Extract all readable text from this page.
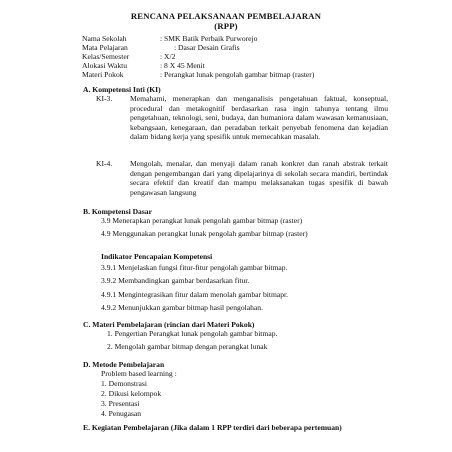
RENCANA PELAKSANAAN PEMBELAJARAN
(RPP)
Nama Sekolah	: SMK Batik Perbaik Purworejo
Mata Pelajaran	: Dasar Desain Grafis
Kelas/Semester	: X/2
Alokasi Waktu	: 8 X 45 Menit
Materi Pokok	: Perangkat lunak pengolah gambar bitmap (raster)
A. Kompetensi Inti (KI)
KI-3. Memahami, menerapkan dan menganalisis pengetahuan faktual, konseptual, procedural dan metakognitif berdasarkan rasa ingin tahunya tentang ilmu pengetahuan, teknologi, seni, budaya, dan humaniora dalam wawasan kemanusiaan, kebangsaan, kenegaraan, dan peradaban terkait penyebab fenomena dan kejadian dalam bidang kerja yang spesifik untuk memecahkan masalah.
KI-4. Mengolah, menalar, dan menyaji dalam ranah konkret dan ranah abstrak terkait dengan pengembangan dari yang dipelajarinya di sekolah secara mandiri, bertindak secara efektif dan kreatif dan mampu melaksanakan tugas spesifik di bawah pengawasan langsung
B. Kompetensi Dasar
3.9 Menerapkan perangkat lunak pengolah gambar bitmap (raster)
4.9 Menggunakan perangkat lunak pengolah gambar bitmap (raster)
Indikator Pencapaian Kompetensi
3.9.1 Menjelaskan fungsi fitur-fitur pengolah gambar bitmap.
3.9.2 Membandingkan gambar berdasarkan fitur.
4.9.1 Mengintegrasikan fitur dalam menolah gambar bitmapr.
4.9.2 Menunjukkan gambar bitmap hasil pengolahan.
C. Materi Pembelajaran (rincian dari Materi Pokok)
1. Pengertian Perangkat lunak pengolah gambar bitmap.
2. Mengolah gambar bitmap dengan perangkat lunak
D. Metode Pembelajaran
Problem based learning :
1. Demonstrasi
2. Dikusi kelompok
3. Presentasi
4. Penugasan
E. Kegiatan Pembelajaran (Jika dalam 1 RPP terdiri dari beberapa pertemuan)
